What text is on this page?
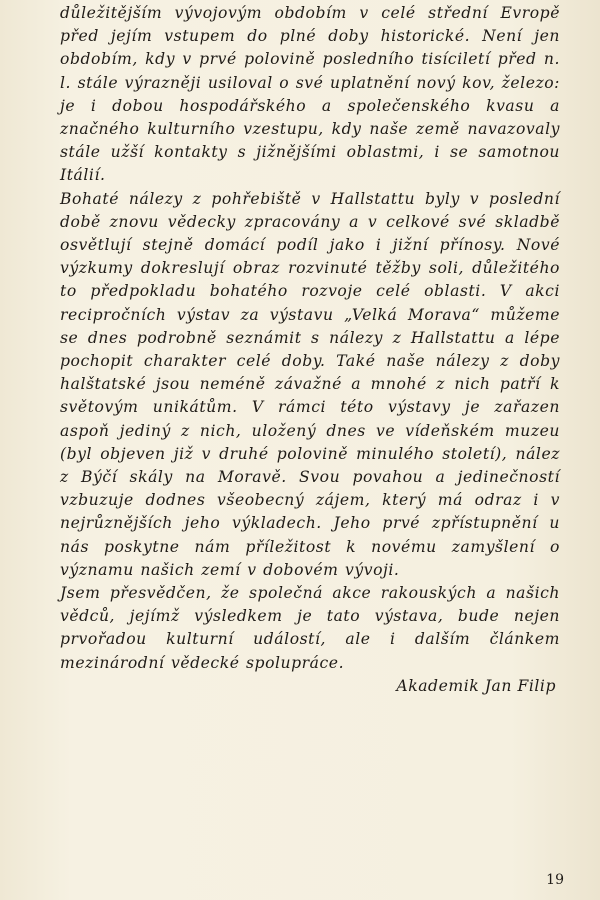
důležitějším vývojovým obdobím v celé střední Evropě před jejím vstupem do plné doby historické. Není jen obdobím, kdy v prvé polovině posledního tisíciletí před n. l. stále výrazněji usiloval o své uplatnění nový kov, železo: je i dobou hospodářského a společenského kvasu a značného kulturního vzestupu, kdy naše země navazovaly stále užší kontakty s jižnějšími oblastmi, i se samotnou Itálií.

Bohaté nálezy z pohřebiště v Hallstattu byly v poslední době znovu vědecky zpracovány a v celkové své skladbě osvětlují stejně domácí podíl jako i jižní přínosy. Nové výzkumy dokreslují obraz rozvinuté těžby soli, důležitého to předpokladu bohatého rozvoje celé oblasti. V akci recipročních výstav za výstavu „Velká Morava“ můžeme se dnes podrobně seznámit s nálezy z Hallstattu a lépe pochopit charakter celé doby. Také naše nálezy z doby halštatské jsou neméně závažné a mnohé z nich patří k světovým unikátům. V rámci této výstavy je zařazen aspoň jediný z nich, uložený dnes ve vídeňském muzeu (byl objeven již v druhé polovině minulého století), nález z Býčí skály na Moravě. Svou povahou a jedinečností vzbuzuje dodnes všeobecný zájem, který má odraz i v nejrůznějších jeho výkladech. Jeho prvé zpřístupnění u nás poskytne nám příležitost k novému zamyšlení o významu našich zemí v dobovém vývoji.

Jsem přesvědčen, že společná akce rakouských a našich vědců, jejímž výsledkem je tato výstava, bude nejen prvořadou kulturní událostí, ale i dalším článkem mezinárodní vědecké spolupráce.

Akademik Jan Filip

19
